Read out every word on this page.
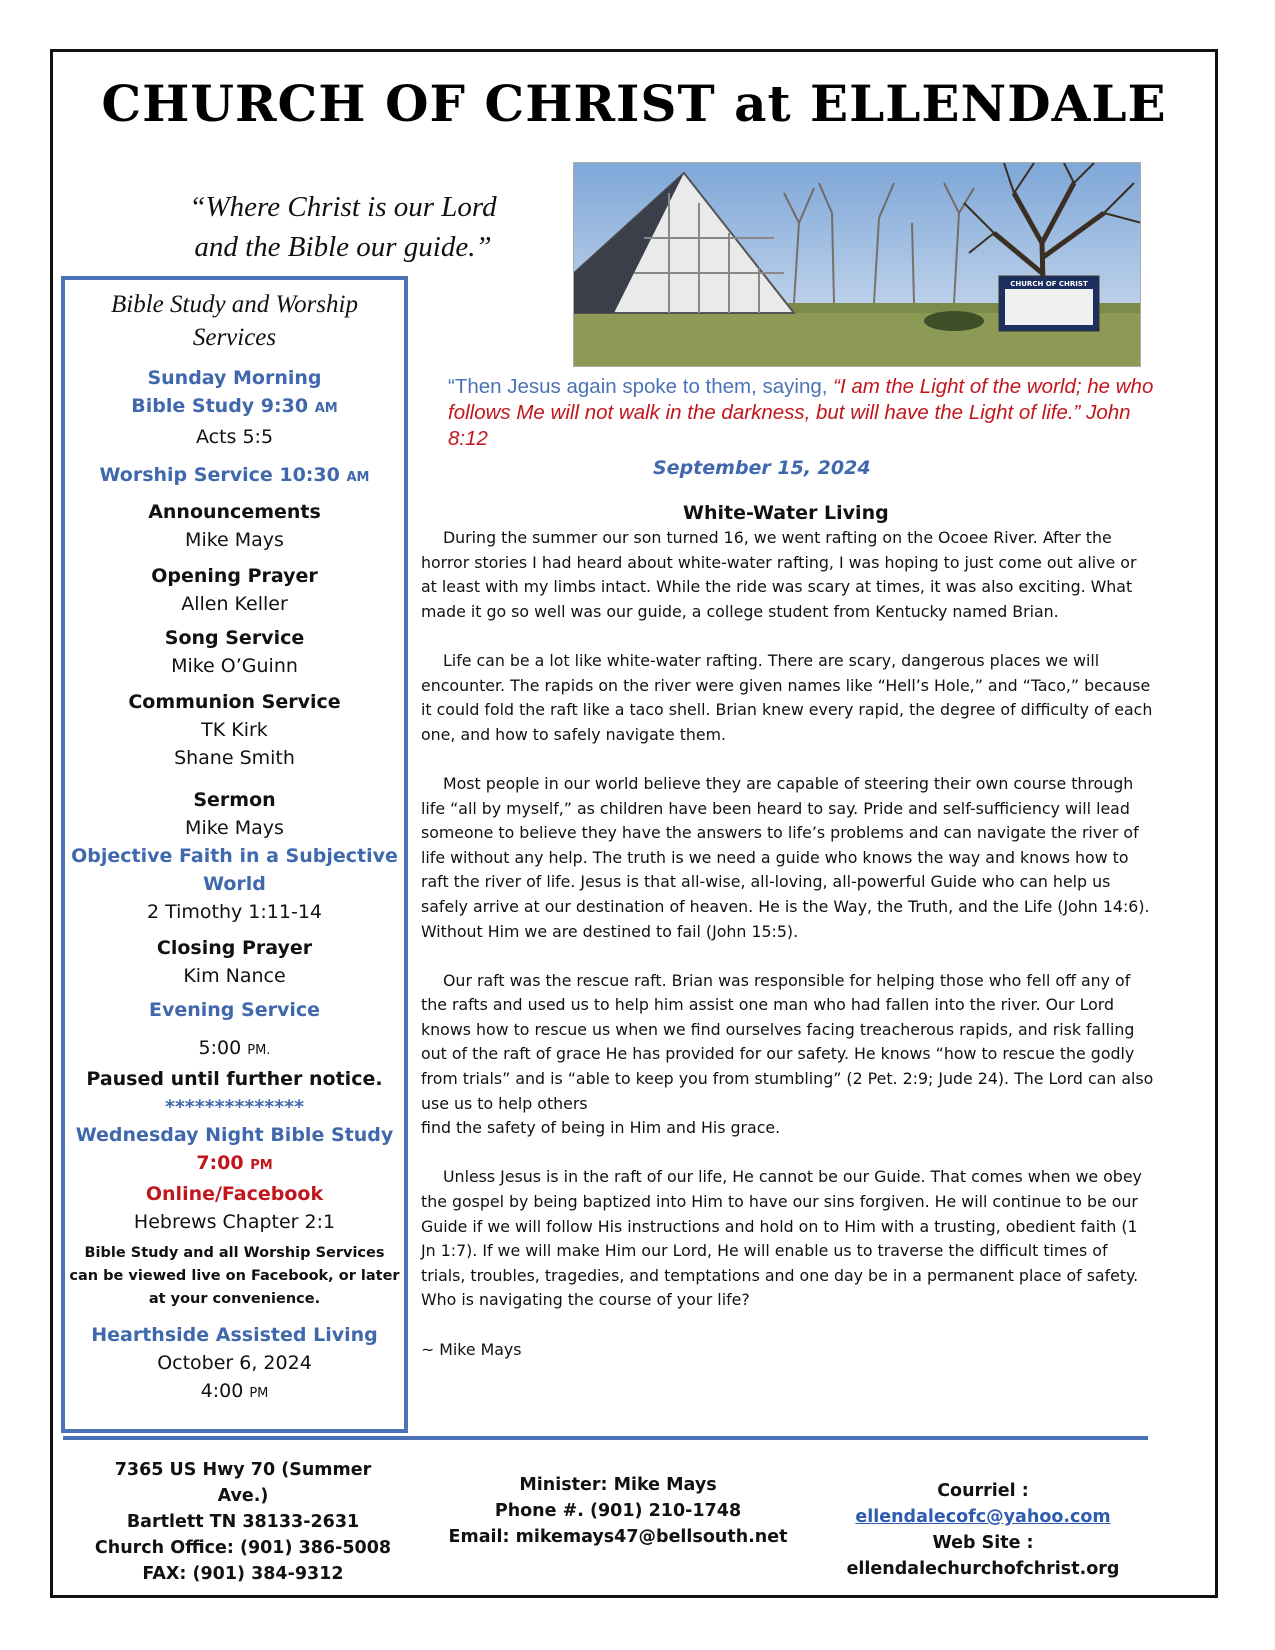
CHURCH OF CHRIST at ELLENDALE
“Where Christ is our Lord
and the Bible our guide.”
CHURCH OF CHRIST
Bible Study and Worship
Services
Sunday Morning
Bible Study 9:30 AM
Acts 5:5
Worship Service 10:30 AM
Announcements
Mike Mays
Opening Prayer
Allen Keller
Song Service
Mike O’Guinn
Communion Service
TK Kirk
Shane Smith
Sermon
Mike Mays
Objective Faith in a Subjective
World
2 Timothy 1:11-14
Closing Prayer
Kim Nance
Evening Service
5:00 PM.
Paused until further notice.
**************
Wednesday Night Bible Study
7:00 PM
Online/Facebook
Hebrews Chapter 2:1
Bible Study and all Worship Services
can be viewed live on Facebook, or later
at your convenience.
Hearthside Assisted Living
October 6, 2024
4:00 PM
“Then Jesus again spoke to them, saying, “I am the Light of the world; he who follows Me will not walk in the darkness, but will have the Light of life.” John 8:12
September 15, 2024
White-Water Living

During the summer our son turned 16, we went rafting on the Ocoee River. After the horror stories I had heard about white-water rafting, I was hoping to just come out alive or at least with my limbs intact. While the ride was scary at times, it was also exciting. What made it go so well was our guide, a college student from Kentucky named Brian.

Life can be a lot like white-water rafting. There are scary, dangerous places we will encounter. The rapids on the river were given names like “Hell’s Hole,” and “Taco,” because it could fold the raft like a taco shell. Brian knew every rapid, the degree of difficulty of each one, and how to safely navigate them.

Most people in our world believe they are capable of steering their own course through life “all by myself,” as children have been heard to say. Pride and self-sufficiency will lead someone to believe they have the answers to life’s problems and can navigate the river of life without any help. The truth is we need a guide who knows the way and knows how to raft the river of life. Jesus is that all-wise, all-loving, all-powerful Guide who can help us safely arrive at our destination of heaven. He is the Way, the Truth, and the Life (John 14:6). Without Him we are destined to fail (John 15:5).

Our raft was the rescue raft. Brian was responsible for helping those who fell off any of the rafts and used us to help him assist one man who had fallen into the river. Our Lord knows how to rescue us when we find ourselves facing treacherous rapids, and risk falling out of the raft of grace He has provided for our safety. He knows “how to rescue the godly from trials” and is “able to keep you from stumbling” (2 Pet. 2:9; Jude 24). The Lord can also use us to help others

find the safety of being in Him and His grace.

Unless Jesus is in the raft of our life, He cannot be our Guide. That comes when we obey the gospel by being baptized into Him to have our sins forgiven. He will continue to be our Guide if we will follow His instructions and hold on to Him with a trusting, obedient faith (1 Jn 1:7). If we will make Him our Lord, He will enable us to traverse the difficult times of trials, troubles, tragedies, and temptations and one day be in a permanent place of safety. Who is navigating the course of your life?

~ Mike Mays

7365 US Hwy 70 (Summer Ave.)
Bartlett TN 38133-2631
Church Office: (901) 386-5008
FAX: (901) 384-9312
Minister: Mike Mays
Phone #. (901) 210-1748
Email: mikemays47@bellsouth.net
Courriel : ellendalecofc@yahoo.com
Web Site : ellendalechurchofchrist.org
